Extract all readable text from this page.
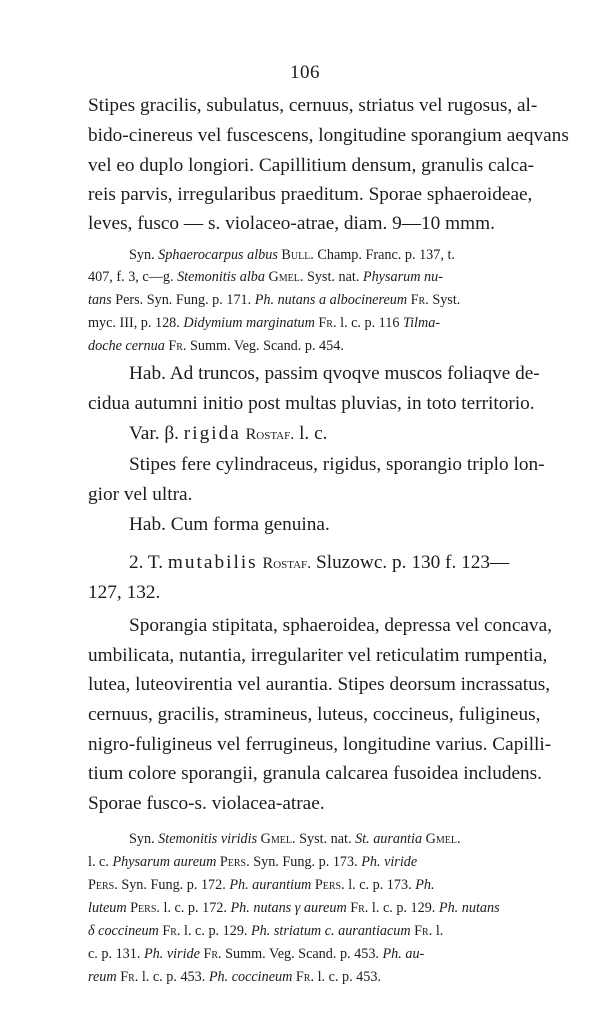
106
Stipes gracilis, subulatus, cernuus, striatus vel rugosus, al-
bido-cinereus vel fuscescens, longitudine sporangium aeqvans
vel eo duplo longiori. Capillitium densum, granulis calca-
reis parvis, irregularibus praeditum. Sporae sphaeroideae,
leves, fusco — s. violaceo-atrae, diam. 9—10 mmm.
Syn. Sphaerocarpus albus Bull. Champ. Franc. p. 137, t.
407, f. 3, c—g. Stemonitis alba Gmel. Syst. nat. Physarum nu-
tans Pers. Syn. Fung. p. 171. Ph. nutans a albocinereum Fr. Syst.
myc. III, p. 128. Didymium marginatum Fr. l. c. p. 116 Tilma-
doche cernua Fr. Summ. Veg. Scand. p. 454.
Hab. Ad truncos, passim qvoqve muscos foliaqve de-
cidua autumni initio post multas pluvias, in toto territorio.
Var. β. rigida Rostaf. l. c.
Stipes fere cylindraceus, rigidus, sporangio triplo lon-
gior vel ultra.
Hab. Cum forma genuina.
2. T. mutabilis Rostaf. Sluzowc. p. 130 f. 123—
127, 132.
Sporangia stipitata, sphaeroidea, depressa vel concava,
umbilicata, nutantia, irregulariter vel reticulatim rumpentia,
lutea, luteovirentia vel aurantia. Stipes deorsum incrassatus,
cernuus, gracilis, stramineus, luteus, coccineus, fuligineus,
nigro-fuligineus vel ferrugineus, longitudine varius. Capilli-
tium colore sporangii, granula calcarea fusoidea includens.
Sporae fusco-s. violacea-atrae.
Syn. Stemonitis viridis Gmel. Syst. nat. St. aurantia Gmel.
l. c. Physarum aureum Pers. Syn. Fung. p. 173. Ph. viride
Pers. Syn. Fung. p. 172. Ph. aurantium Pers. l. c. p. 173. Ph.
luteum Pers. l. c. p. 172. Ph. nutans γ aureum Fr. l. c. p. 129. Ph. nutans
δ coccineum Fr. l. c. p. 129. Ph. striatum c. aurantiacum Fr. l.
c. p. 131. Ph. viride Fr. Summ. Veg. Scand. p. 453. Ph. au-
reum Fr. l. c. p. 453. Ph. coccineum Fr. l. c. p. 453.
